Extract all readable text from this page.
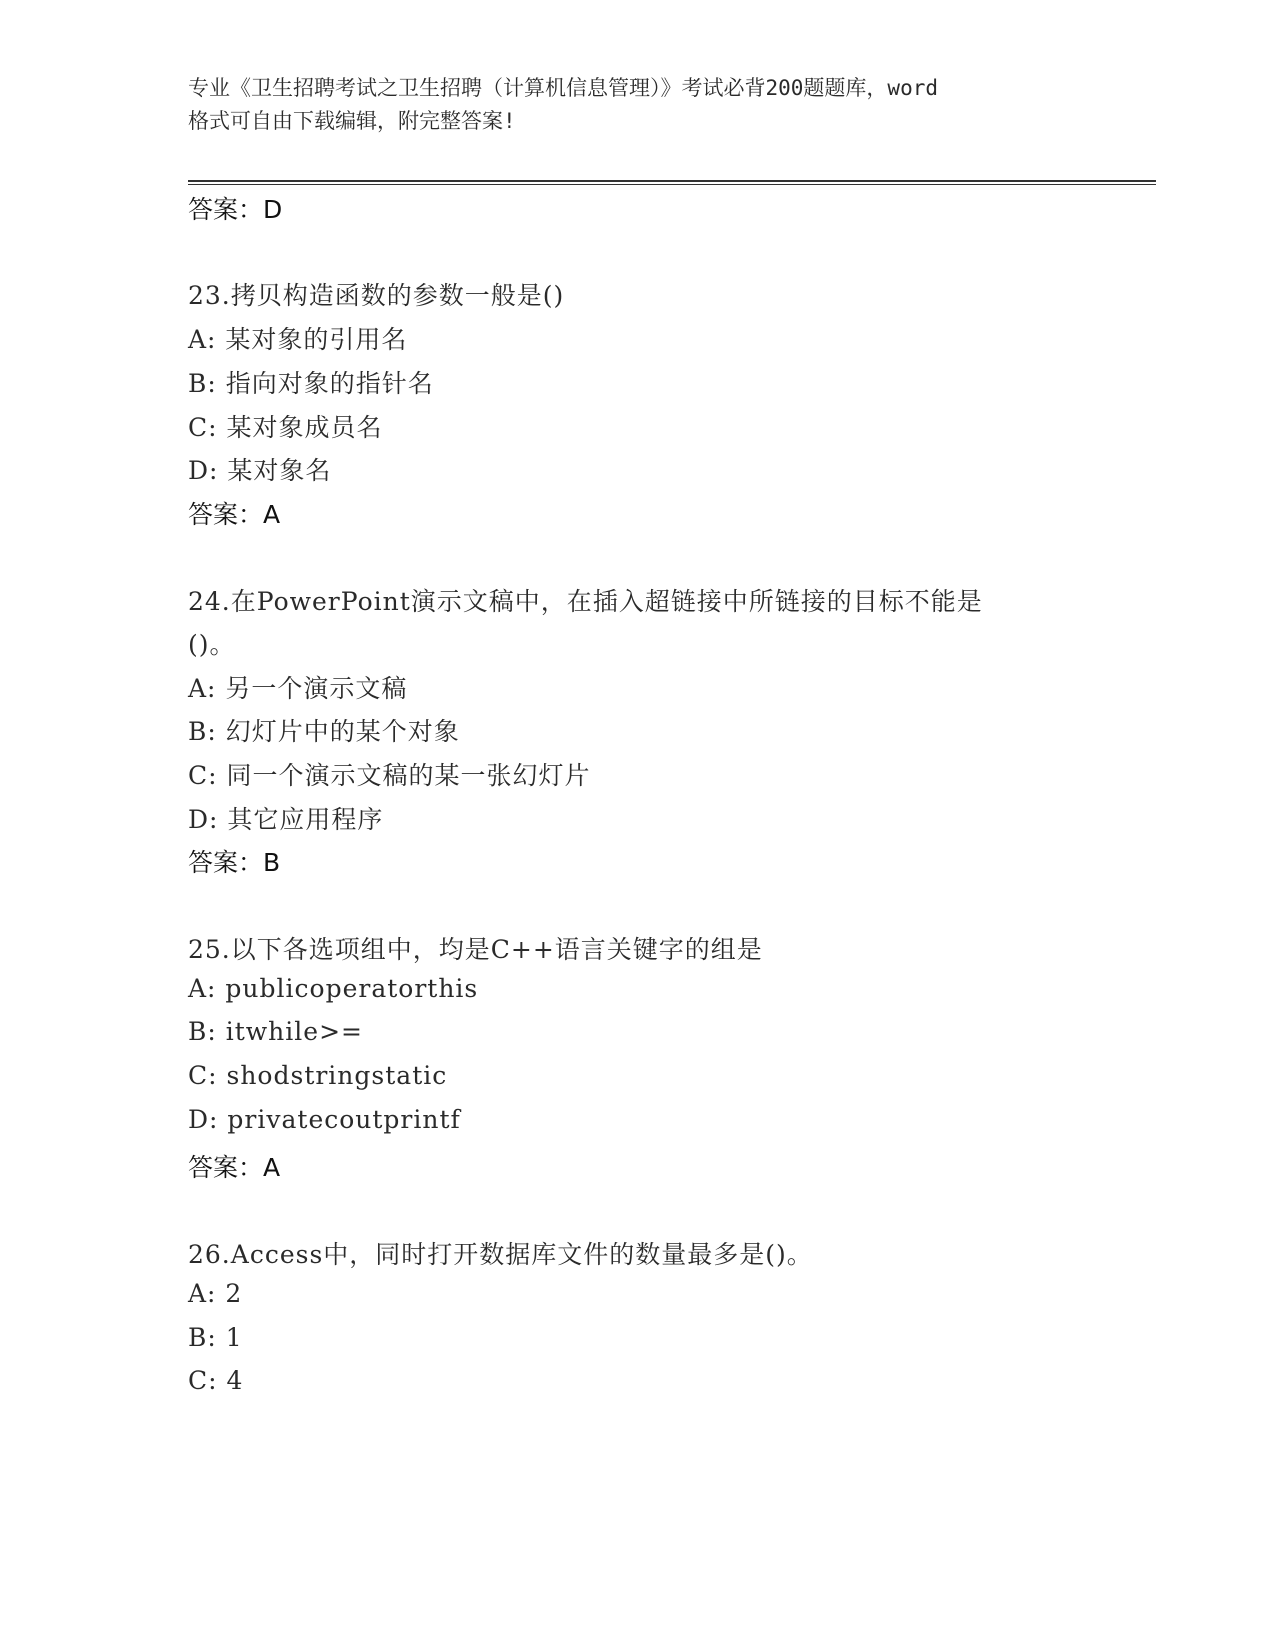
专业《卫生招聘考试之卫生招聘（计算机信息管理）》考试必背200题题库，word
格式可自由下载编辑，附完整答案!
答案：D
23.拷贝构造函数的参数一般是()
A: 某对象的引用名
B: 指向对象的指针名
C: 某对象成员名
D: 某对象名
答案：A
24.在PowerPoint演示文稿中，在插入超链接中所链接的目标不能是
()。
A: 另一个演示文稿
B: 幻灯片中的某个对象
C: 同一个演示文稿的某一张幻灯片
D: 其它应用程序
答案：B
25.以下各选项组中，均是C++语言关键字的组是
A: publicoperatorthis
B: itwhile>=
C: shodstringstatic
D: privatecoutprintf
答案：A
26.Access中，同时打开数据库文件的数量最多是()。
A: 2
B: 1
C: 4
